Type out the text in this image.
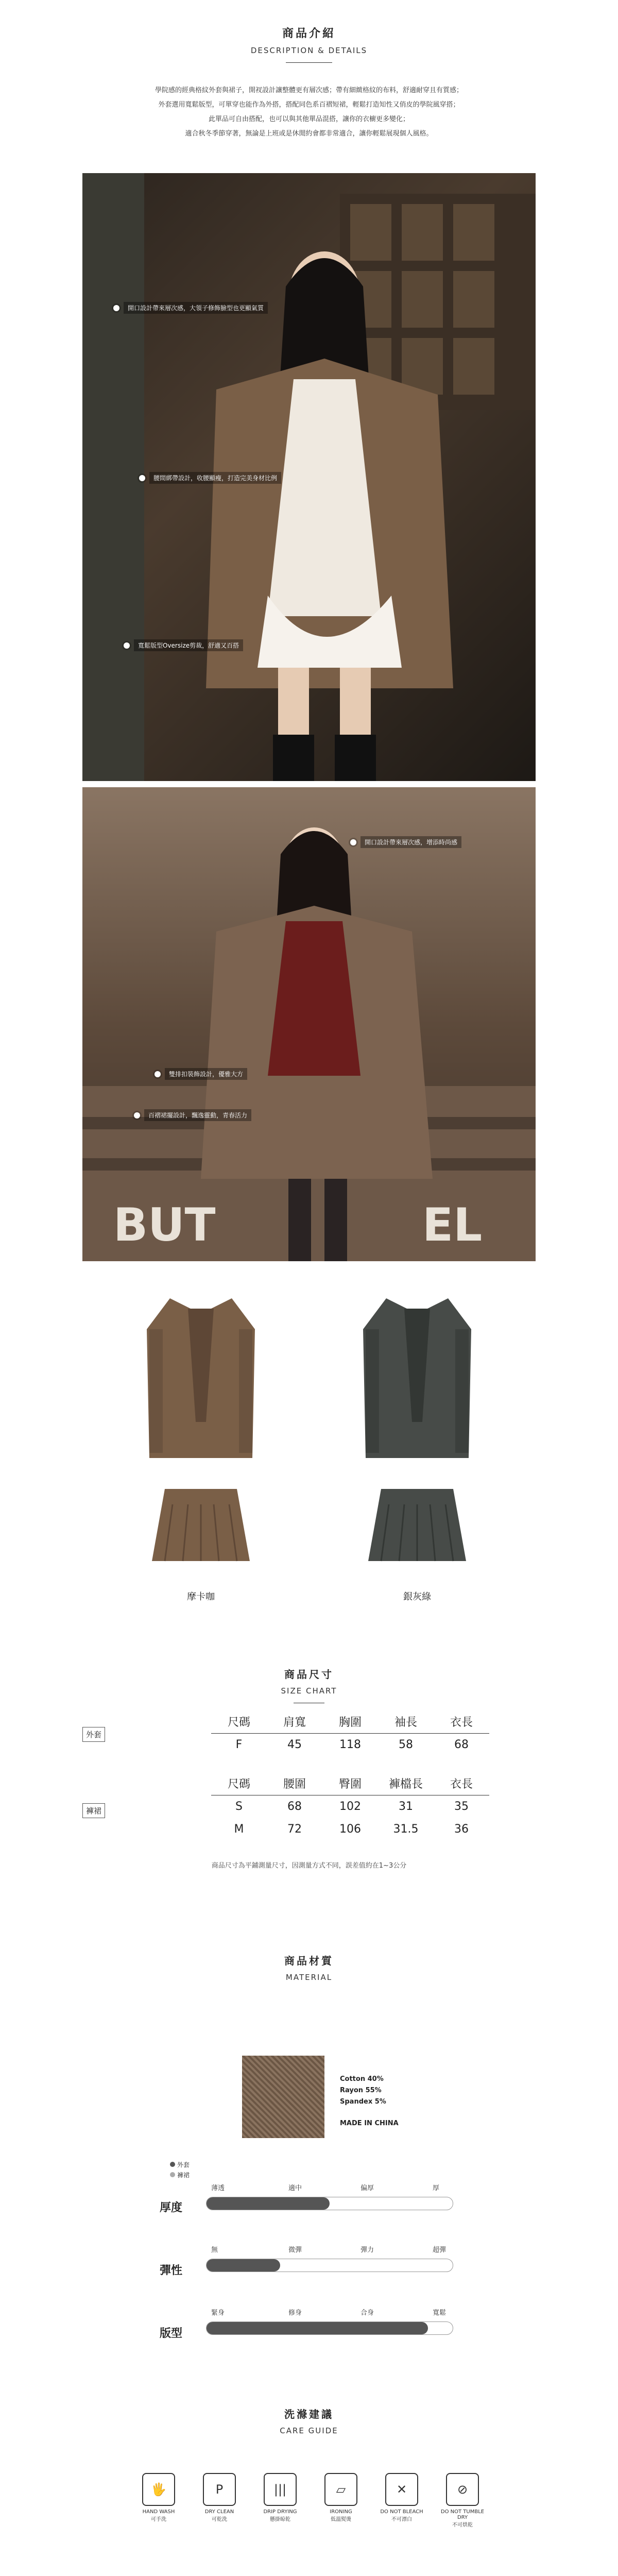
商品介紹
DESCRIPTION & DETAILS
學院感的經典格紋外套與裙子，開衩設計讓整體更有層次感；帶有細緻格紋的布料，舒適耐穿且有質感；
外套選用寬鬆版型，可單穿也能作為外搭，搭配同色系百褶短裙，輕鬆打造知性又俏皮的學院風穿搭；
此單品可自由搭配，也可以與其他單品混搭，讓你的衣櫥更多變化；
適合秋冬季節穿著，無論是上班或是休閒約會都非常適合，讓你輕鬆展現個人風格。
開口設計帶來層次感，大領子修飾臉型也更顯氣質
腰間綁帶設計，收腰顯瘦，打造完美身材比例
寬鬆版型Oversize剪裁，舒適又百搭
BUT	EL
開口設計帶來層次感，增添時尚感
雙排扣裝飾設計，優雅大方
百褶裙擺設計，飄逸靈動，青春活力
摩卡咖	銀灰綠
商品尺寸
SIZE CHART
外套
尺碼	肩寬	胸圍	袖長	衣長
F	45	118	58	68
褲裙
尺碼	腰圍	臀圍	褲檔長	衣長
S	68	102	31	35
M	72	106	31.5	36
商品尺寸為平鋪測量尺寸，因測量方式不同，誤差值約在1~3公分
商品材質
MATERIAL
Cotton 40%
Rayon 55%
Spandex 5%
MADE IN CHINA
外套
褲裙
厚度
薄透	適中	偏厚	厚
彈性
無	微彈	彈力	超彈
版型
緊身	修身	合身	寬鬆
洗滌建議
CARE GUIDE
🖐
HAND WASH
可手洗
P
DRY CLEAN
可乾洗
|||
DRIP DRYING
懸掛晾乾
▱
IRONING
低溫熨燙
✕
DO NOT BLEACH
不可漂白
⊘
DO NOT TUMBLE DRY
不可烘乾
